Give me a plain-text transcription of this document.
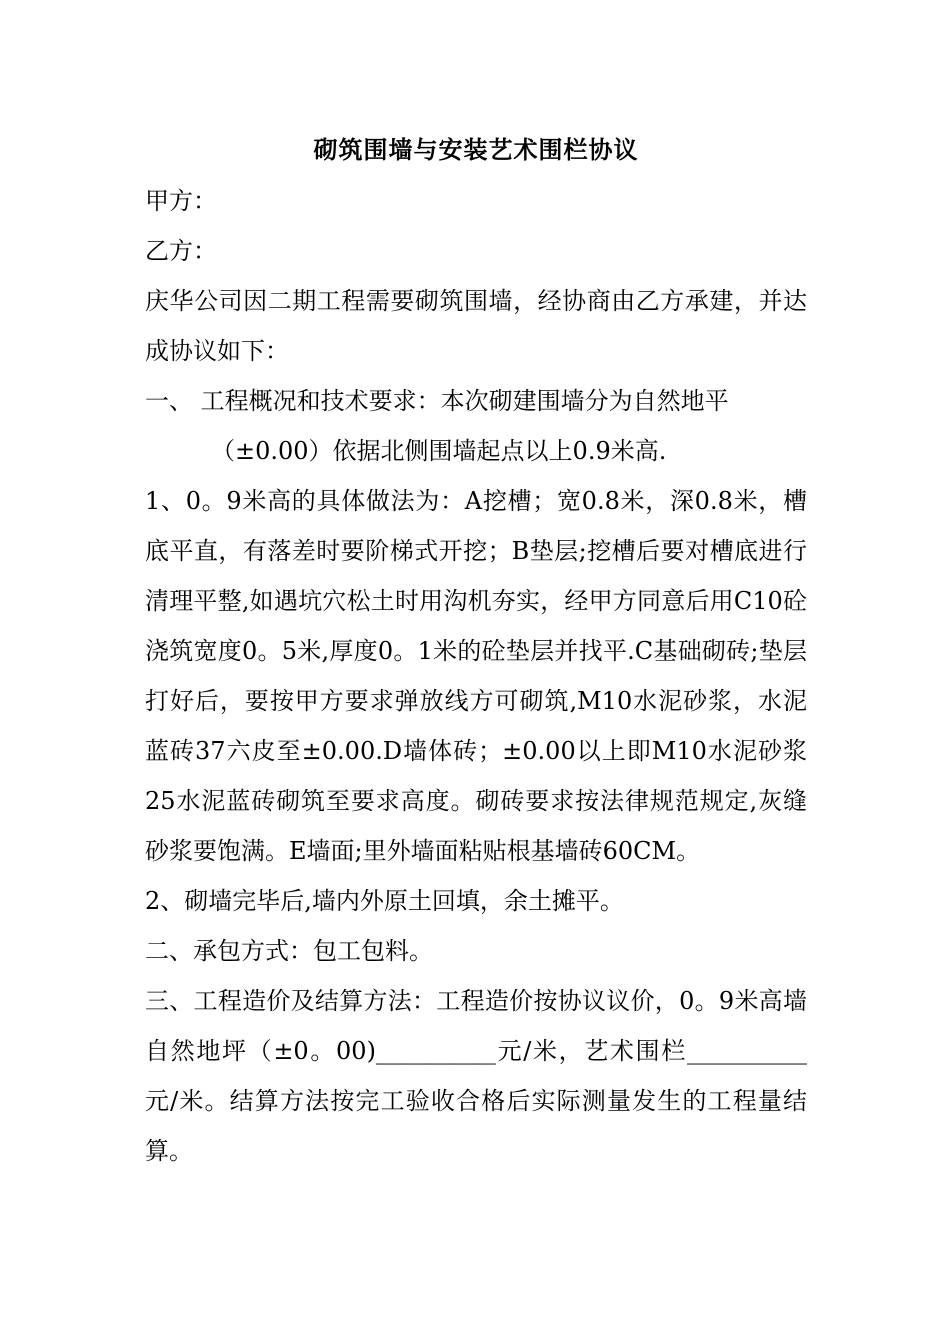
砌筑围墙与安装艺术围栏协议

甲方：

乙方：

庆华公司因二期工程需要砌筑围墙，经协商由乙方承建，并达成协议如下：

一、 工程概况和技术要求：本次砌建围墙分为自然地平

（±0.00）依据北侧围墙起点以上0.9米高.

1、0。9米高的具体做法为：A挖槽；宽0.8米，深0.8米，槽底平直，有落差时要阶梯式开挖；B垫层;挖槽后要对槽底进行清理平整,如遇坑穴松土时用沟机夯实，经甲方同意后用C10砼浇筑宽度0。5米,厚度0。1米的砼垫层并找平.C基础砌砖;垫层打好后，要按甲方要求弹放线方可砌筑,M10水泥砂浆，水泥蓝砖37六皮至±0.00.D墙体砖；±0.00以上即M10水泥砂浆25水泥蓝砖砌筑至要求高度。砌砖要求按法律规范规定,灰缝砂浆要饱满。E墙面;里外墙面粘贴根基墙砖60CM。

2、砌墙完毕后,墙内外原土回填，余土摊平。

二、承包方式：包工包料。

三、工程造价及结算方法：工程造价按协议议价，0。9米高墙自然地坪（±0。00)__________元/米，艺术围栏__________元/米。结算方法按完工验收合格后实际测量发生的工程量结算。
